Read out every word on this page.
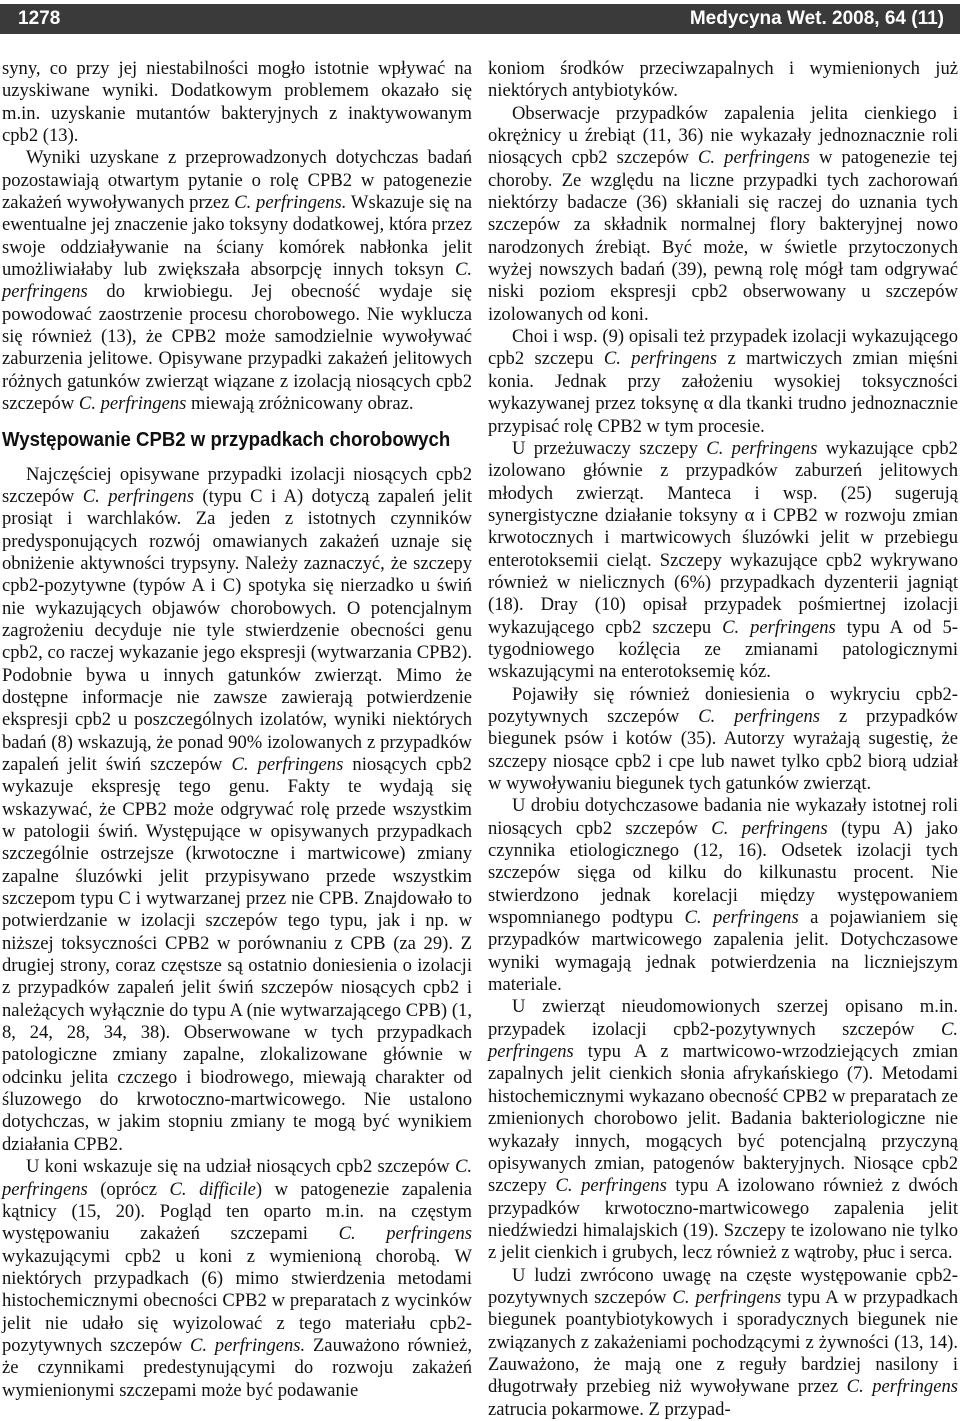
1278	Medycyna Wet. 2008, 64 (11)

syny, co przy jej niestabilności mogło istotnie wpływać na uzyskiwane wyniki. Dodatkowym problemem okazało się m.in. uzyskanie mutantów bakteryjnych z inaktywowanym cpb2 (13).

Wyniki uzyskane z przeprowadzonych dotychczas badań pozostawiają otwartym pytanie o rolę CPB2 w patogenezie zakażeń wywoływanych przez C. perfringens. Wskazuje się na ewentualne jej znaczenie jako toksyny dodatkowej, która przez swoje oddziaływanie na ściany komórek nabłonka jelit umożliwiałaby lub zwiększała absorpcję innych toksyn C. perfringens do krwiobiegu. Jej obecność wydaje się powodować zaostrzenie procesu chorobowego. Nie wyklucza się również (13), że CPB2 może samodzielnie wywoływać zaburzenia jelitowe. Opisywane przypadki zakażeń jelitowych różnych gatunków zwierząt wiązane z izolacją niosących cpb2 szczepów C. perfringens miewają zróżnicowany obraz.

Występowanie CPB2 w przypadkach chorobowych

Najczęściej opisywane przypadki izolacji niosących cpb2 szczepów C. perfringens (typu C i A) dotyczą zapaleń jelit prosiąt i warchlaków. Za jeden z istotnych czynników predysponujących rozwój omawianych zakażeń uznaje się obniżenie aktywności trypsyny. Należy zaznaczyć, że szczepy cpb2-pozytywne (typów A i C) spotyka się nierzadko u świń nie wykazujących objawów chorobowych. O potencjalnym zagrożeniu decyduje nie tyle stwierdzenie obecności genu cpb2, co raczej wykazanie jego ekspresji (wytwarzania CPB2). Podobnie bywa u innych gatunków zwierząt. Mimo że dostępne informacje nie zawsze zawierają potwierdzenie ekspresji cpb2 u poszczególnych izolatów, wyniki niektórych badań (8) wskazują, że ponad 90% izolowanych z przypadków zapaleń jelit świń szczepów C. perfringens niosących cpb2 wykazuje ekspresję tego genu. Fakty te wydają się wskazywać, że CPB2 może odgrywać rolę przede wszystkim w patologii świń. Występujące w opisywanych przypadkach szczególnie ostrzejsze (krwotoczne i martwicowe) zmiany zapalne śluzówki jelit przypisywano przede wszystkim szczepom typu C i wytwarzanej przez nie CPB. Znajdowało to potwierdzanie w izolacji szczepów tego typu, jak i np. w niższej toksyczności CPB2 w porównaniu z CPB (za 29). Z drugiej strony, coraz częstsze są ostatnio doniesienia o izolacji z przypadków zapaleń jelit świń szczepów niosących cpb2 i należących wyłącznie do typu A (nie wytwarzającego CPB) (1, 8, 24, 28, 34, 38). Obserwowane w tych przypadkach patologiczne zmiany zapalne, zlokalizowane głównie w odcinku jelita czczego i biodrowego, miewają charakter od śluzowego do krwotoczno-martwicowego. Nie ustalono dotychczas, w jakim stopniu zmiany te mogą być wynikiem działania CPB2.

U koni wskazuje się na udział niosących cpb2 szczepów C. perfringens (oprócz C. difficile) w patogenezie zapalenia kątnicy (15, 20). Pogląd ten oparto m.in. na częstym występowaniu zakażeń szczepami C. perfringens wykazującymi cpb2 u koni z wymienioną chorobą. W niektórych przypadkach (6) mimo stwierdzenia metodami histochemicznymi obecności CPB2 w preparatach z wycinków jelit nie udało się wyizolować z tego materiału cpb2-pozytywnych szczepów C. perfringens. Zauważono również, że czynnikami predestynującymi do rozwoju zakażeń wymienionymi szczepami może być podawanie

koniom środków przeciwzapalnych i wymienionych już niektórych antybiotyków.

Obserwacje przypadków zapalenia jelita cienkiego i okrężnicy u źrebiąt (11, 36) nie wykazały jednoznacznie roli niosących cpb2 szczepów C. perfringens w patogenezie tej choroby. Ze względu na liczne przypadki tych zachorowań niektórzy badacze (36) skłaniali się raczej do uznania tych szczepów za składnik normalnej flory bakteryjnej nowo narodzonych źrebiąt. Być może, w świetle przytoczonych wyżej nowszych badań (39), pewną rolę mógł tam odgrywać niski poziom ekspresji cpb2 obserwowany u szczepów izolowanych od koni.

Choi i wsp. (9) opisali też przypadek izolacji wykazującego cpb2 szczepu C. perfringens z martwiczych zmian mięśni konia. Jednak przy założeniu wysokiej toksyczności wykazywanej przez toksynę α dla tkanki trudno jednoznacznie przypisać rolę CPB2 w tym procesie.

U przeżuwaczy szczepy C. perfringens wykazujące cpb2 izolowano głównie z przypadków zaburzeń jelitowych młodych zwierząt. Manteca i wsp. (25) sugerują synergistyczne działanie toksyny α i CPB2 w rozwoju zmian krwotocznych i martwicowych śluzówki jelit w przebiegu enterotoksemii cieląt. Szczepy wykazujące cpb2 wykrywano również w nielicznych (6%) przypadkach dyzenterii jagniąt (18). Dray (10) opisał przypadek pośmiertnej izolacji wykazującego cpb2 szczepu C. perfringens typu A od 5-tygodniowego koźlęcia ze zmianami patologicznymi wskazującymi na enterotoksemię kóz.

Pojawiły się również doniesienia o wykryciu cpb2-pozytywnych szczepów C. perfringens z przypadków biegunek psów i kotów (35). Autorzy wyrażają sugestię, że szczepy niosące cpb2 i cpe lub nawet tylko cpb2 biorą udział w wywoływaniu biegunek tych gatunków zwierząt.

U drobiu dotychczasowe badania nie wykazały istotnej roli niosących cpb2 szczepów C. perfringens (typu A) jako czynnika etiologicznego (12, 16). Odsetek izolacji tych szczepów sięga od kilku do kilkunastu procent. Nie stwierdzono jednak korelacji między występowaniem wspomnianego podtypu C. perfringens a pojawianiem się przypadków martwicowego zapalenia jelit. Dotychczasowe wyniki wymagają jednak potwierdzenia na liczniejszym materiale.

U zwierząt nieudomowionych szerzej opisano m.in. przypadek izolacji cpb2-pozytywnych szczepów C. perfringens typu A z martwicowo-wrzodziejących zmian zapalnych jelit cienkich słonia afrykańskiego (7). Metodami histochemicznymi wykazano obecność CPB2 w preparatach ze zmienionych chorobowo jelit. Badania bakteriologiczne nie wykazały innych, mogących być potencjalną przyczyną opisywanych zmian, patogenów bakteryjnych. Niosące cpb2 szczepy C. perfringens typu A izolowano również z dwóch przypadków krwotoczno-martwicowego zapalenia jelit niedźwiedzi himalajskich (19). Szczepy te izolowano nie tylko z jelit cienkich i grubych, lecz również z wątroby, płuc i serca.

U ludzi zwrócono uwagę na częste występowanie cpb2-pozytywnych szczepów C. perfringens typu A w przypadkach biegunek poantybiotykowych i sporadycznych biegunek nie związanych z zakażeniami pochodzącymi z żywności (13, 14). Zauważono, że mają one z reguły bardziej nasilony i długotrwały przebieg niż wywoływane przez C. perfringens zatrucia pokarmowe. Z przypad-
